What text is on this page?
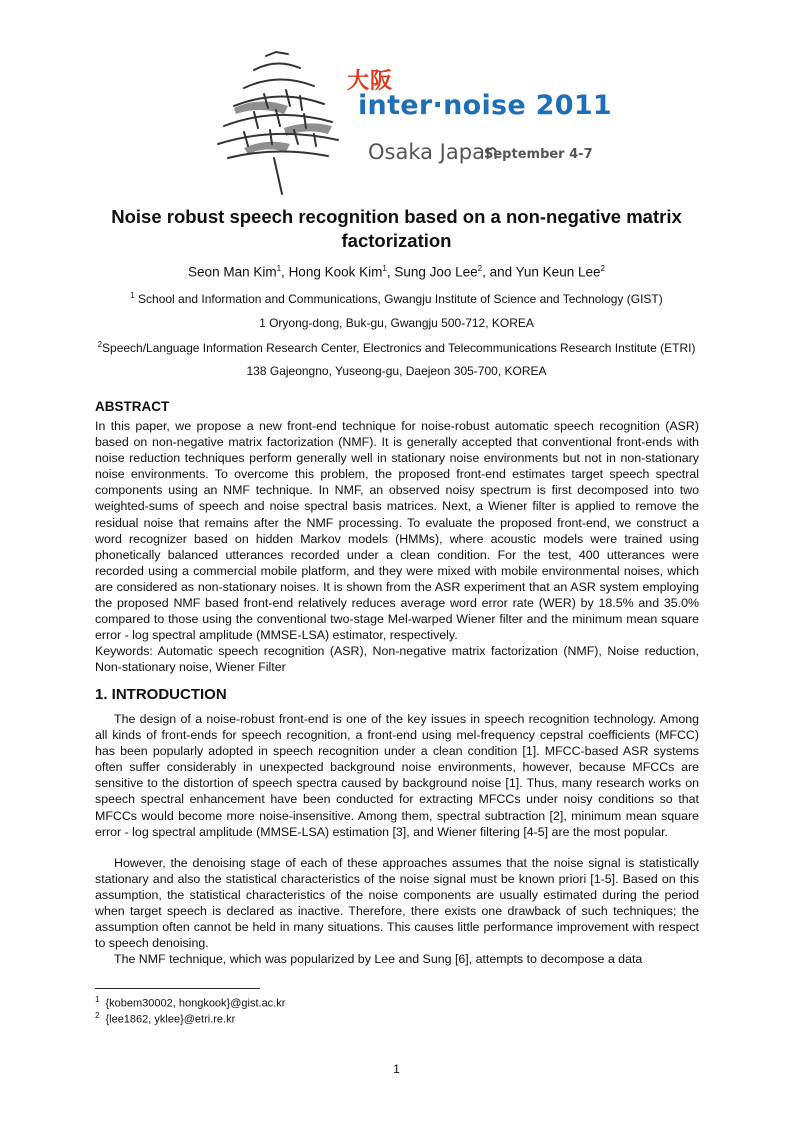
大阪
inter·noise 2011
Osaka Japan
September 4-7
Noise robust speech recognition based on a non-negative matrix
factorization
Seon Man Kim$^1$, Hong Kook Kim$^1$, Sung Joo Lee$^2$, and Yun Keun Lee$^2$
$^1$ School and Information and Communications, Gwangju Institute of Science and Technology (GIST)
1 Oryong-dong, Buk-gu, Gwangju 500-712, KOREA
$^2$Speech/Language Information Research Center, Electronics and Telecommunications Research Institute (ETRI)
138 Gajeongno, Yuseong-gu, Daejeon 305-700, KOREA
ABSTRACT

In this paper, we propose a new front-end technique for noise-robust automatic speech recognition (ASR) based on non-negative matrix factorization (NMF). It is generally accepted that conventional front-ends with noise reduction techniques perform generally well in stationary noise environments but not in non-stationary noise environments. To overcome this problem, the proposed front-end estimates target speech spectral components using an NMF technique. In NMF, an observed noisy spectrum is first decomposed into two weighted-sums of speech and noise spectral basis matrices. Next, a Wiener filter is applied to remove the residual noise that remains after the NMF processing. To evaluate the proposed front-end, we construct a word recognizer based on hidden Markov models (HMMs), where acoustic models were trained using phonetically balanced utterances recorded under a clean condition. For the test, 400 utterances were recorded using a commercial mobile platform, and they were mixed with mobile environmental noises, which are considered as non-stationary noises. It is shown from the ASR experiment that an ASR system employing the proposed NMF based front-end relatively reduces average word error rate (WER) by 18.5% and 35.0% compared to those using the conventional two-stage Mel-warped Wiener filter and the minimum mean square error - log spectral amplitude (MMSE-LSA) estimator, respectively.

Keywords: Automatic speech recognition (ASR), Non-negative matrix factorization (NMF), Noise reduction, Non-stationary noise, Wiener Filter

1. INTRODUCTION

The design of a noise-robust front-end is one of the key issues in speech recognition technology. Among all kinds of front-ends for speech recognition, a front-end using mel-frequency cepstral coefficients (MFCC) has been popularly adopted in speech recognition under a clean condition [1]. MFCC-based ASR systems often suffer considerably in unexpected background noise environments, however, because MFCCs are sensitive to the distortion of speech spectra caused by background noise [1]. Thus, many research works on speech spectral enhancement have been conducted for extracting MFCCs under noisy conditions so that MFCCs would become more noise-insensitive. Among them, spectral subtraction [2], minimum mean square error - log spectral amplitude (MMSE-LSA) estimation [3], and Wiener filtering [4-5] are the most popular.

However, the denoising stage of each of these approaches assumes that the noise signal is statistically stationary and also the statistical characteristics of the noise signal must be known priori [1-5]. Based on this assumption, the statistical characteristics of the noise components are usually estimated during the period when target speech is declared as inactive. Therefore, there exists one drawback of such techniques; the assumption often cannot be held in many situations. This causes little performance improvement with respect to speech denoising.

The NMF technique, which was popularized by Lee and Sung [6], attempts to decompose a data

$^1$ {kobem30002, hongkook}@gist.ac.kr
$^2$ {lee1862, yklee}@etri.re.kr
1
